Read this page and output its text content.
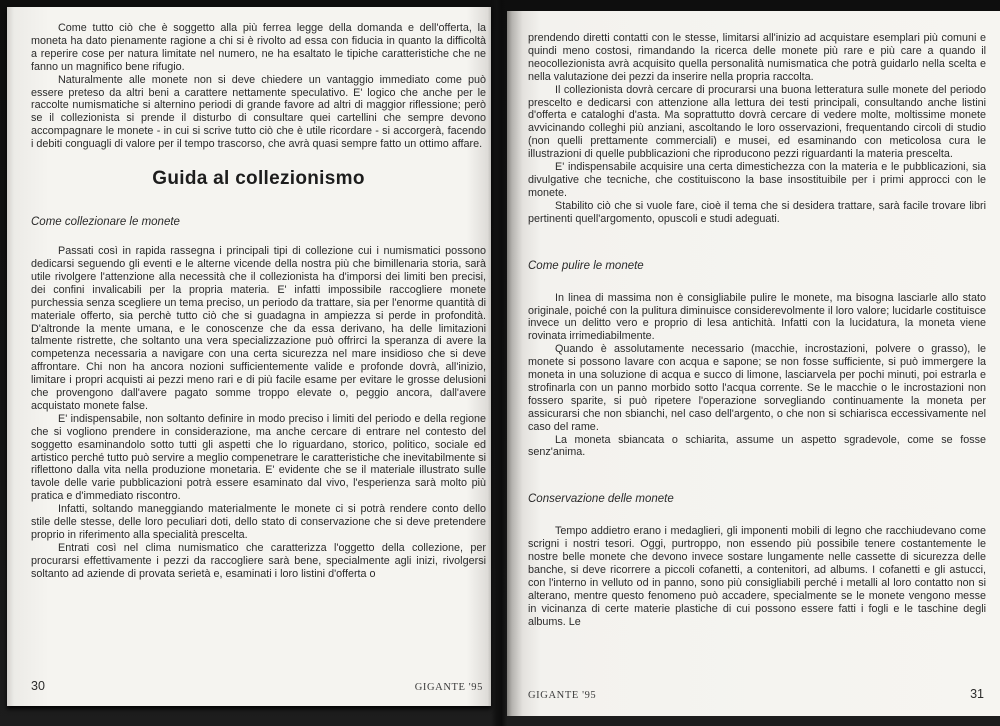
Come tutto ciò che è soggetto alla più ferrea legge della domanda e dell'offerta, la moneta ha dato pienamente ragione a chi si è rivolto ad essa con fiducia in quanto la difficoltà a reperire cose per natura limitate nel numero, ne ha esaltato le tipiche caratteristiche che ne fanno un magnifico bene rifugio.

Naturalmente alle monete non si deve chiedere un vantaggio immediato come può essere preteso da altri beni a carattere nettamente speculativo. E' logico che anche per le raccolte numismatiche si alternino periodi di grande favore ad altri di maggior riflessione; però se il collezionista si prende il disturbo di consultare quei cartellini che sempre devono accompagnare le monete - in cui si scrive tutto ciò che è utile ricordare - si accorgerà, facendo i debiti conguagli di valore per il tempo trascorso, che avrà quasi sempre fatto un ottimo affare.

Guida al collezionismo
Come collezionare le monete

Passati così in rapida rassegna i principali tipi di collezione cui i numismatici possono dedicarsi seguendo gli eventi e le alterne vicende della nostra più che bimillenaria storia, sarà utile rivolgere l'attenzione alla necessità che il collezionista ha d'imporsi dei limiti ben precisi, dei confini invalicabili per la propria materia. E' infatti impossibile raccogliere monete purchessia senza scegliere un tema preciso, un periodo da trattare, sia per l'enorme quantità di materiale offerto, sia perchè tutto ciò che si guadagna in ampiezza si perde in profondità. D'altronde la mente umana, e le conoscenze che da essa derivano, ha delle limitazioni talmente ristrette, che soltanto una vera specializzazione può offrirci la speranza di avere la competenza necessaria a navigare con una certa sicurezza nel mare insidioso che si deve affrontare. Chi non ha ancora nozioni sufficientemente valide e profonde dovrà, all'inizio, limitare i propri acquisti ai pezzi meno rari e di più facile esame per evitare le grosse delusioni che provengono dall'avere pagato somme troppo elevate o, peggio ancora, dall'avere acquistato monete false.

E' indispensabile, non soltanto definire in modo preciso i limiti del periodo e della regione che si vogliono prendere in considerazione, ma anche cercare di entrare nel contesto del soggetto esaminandolo sotto tutti gli aspetti che lo riguardano, storico, politico, sociale ed artistico perché tutto può servire a meglio compenetrare le caratteristiche che inevitabilmente si riflettono dalla vita nella produzione monetaria. E' evidente che se il materiale illustrato sulle tavole delle varie pubblicazioni potrà essere esaminato dal vivo, l'esperienza sarà molto più pratica e d'immediato riscontro.

Infatti, soltando maneggiando materialmente le monete ci si potrà rendere conto dello stile delle stesse, delle loro peculiari doti, dello stato di conservazione che si deve pretendere proprio in riferimento alla specialità prescelta.

Entrati così nel clima numismatico che caratterizza l'oggetto della collezione, per procurarsi effettivamente i pezzi da raccogliere sarà bene, specialmente agli inizi, rivolgersi soltanto ad aziende di provata serietà e, esaminati i loro listini d'offerta o

30	GIGANTE '95

prendendo diretti contatti con le stesse, limitarsi all'inizio ad acquistare esemplari più comuni e quindi meno costosi, rimandando la ricerca delle monete più rare e più care a quando il neocollezionista avrà acquisito quella personalità numismatica che potrà guidarlo nella scelta e nella valutazione dei pezzi da inserire nella propria raccolta.

Il collezionista dovrà cercare di procurarsi una buona letteratura sulle monete del periodo prescelto e dedicarsi con attenzione alla lettura dei testi principali, consultando anche listini d'offerta e cataloghi d'asta. Ma soprattutto dovrà cercare di vedere molte, moltissime monete avvicinando colleghi più anziani, ascoltando le loro osservazioni, frequentando circoli di studio (non quelli prettamente commerciali) e musei, ed esaminando con meticolosa cura le illustrazioni di quelle pubblicazioni che riproducono pezzi riguardanti la materia prescelta.

E' indispensabile acquisire una certa dimestichezza con la materia e le pubblicazioni, sia divulgative che tecniche, che costituiscono la base insostituibile per i primi approcci con le monete.

Stabilito ciò che si vuole fare, cioè il tema che si desidera trattare, sarà facile trovare libri pertinenti quell'argomento, opuscoli e studi adeguati.

Come pulire le monete

In linea di massima non è consigliabile pulire le monete, ma bisogna lasciarle allo stato originale, poiché con la pulitura diminuisce considerevolmente il loro valore; lucidarle costituisce invece un delitto vero e proprio di lesa antichità. Infatti con la lucidatura, la moneta viene rovinata irrimediabilmente.

Quando è assolutamente necessario (macchie, incrostazioni, polvere o grasso), le monete si possono lavare con acqua e sapone; se non fosse sufficiente, si può immergere la moneta in una soluzione di acqua e succo di limone, lasciarvela per pochi minuti, poi estrarla e strofinarla con un panno morbido sotto l'acqua corrente. Se le macchie o le incrostazioni non fossero sparite, si può ripetere l'operazione sorvegliando continuamente la moneta per assicurarsi che non sbianchi, nel caso dell'argento, o che non si schiarisca eccessivamente nel caso del rame.

La moneta sbiancata o schiarita, assume un aspetto sgradevole, come se fosse senz'anima.

Conservazione delle monete

Tempo addietro erano i medaglieri, gli imponenti mobili di legno che racchiudevano come scrigni i nostri tesori. Oggi, purtroppo, non essendo più possibile tenere costantemente le nostre belle monete che devono invece sostare lungamente nelle cassette di sicurezza delle banche, si deve ricorrere a piccoli cofanetti, a contenitori, ad albums. I cofanetti e gli astucci, con l'interno in velluto od in panno, sono più consigliabili perché i metalli al loro contatto non si alterano, mentre questo fenomeno può accadere, specialmente se le monete vengono messe in vicinanza di certe materie plastiche di cui possono essere fatti i fogli e le taschine degli albums. Le

GIGANTE '95	31
